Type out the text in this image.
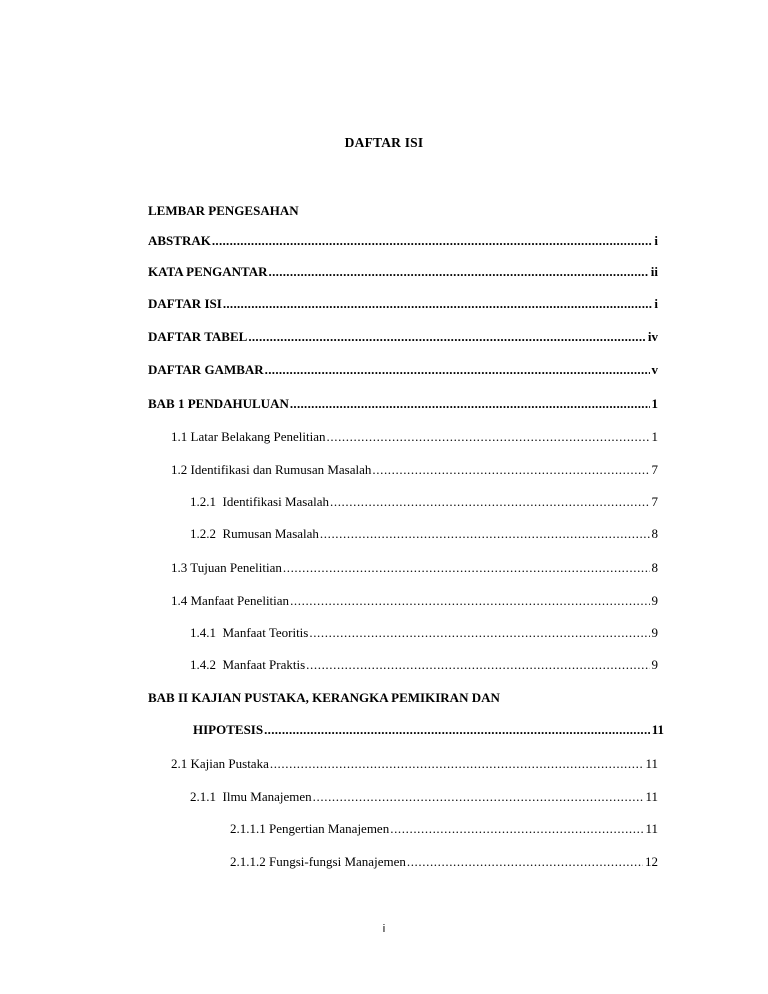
DAFTAR ISI
LEMBAR PENGESAHAN
ABSTRAK .....	i
KATA PENGANTAR .....	ii
DAFTAR ISI .....	i
DAFTAR TABEL .....	iv
DAFTAR GAMBAR .....	v
BAB 1 PENDAHULUAN .....	1
1.1 Latar Belakang Penelitian .....	1
1.2 Identifikasi dan Rumusan Masalah .....	7
1.2.1  Identifikasi Masalah .....	7
1.2.2  Rumusan Masalah .....	8
1.3 Tujuan Penelitian .....	8
1.4 Manfaat Penelitian .....	9
1.4.1  Manfaat Teoritis .....	9
1.4.2  Manfaat Praktis .....	9
BAB II KAJIAN PUSTAKA, KERANGKA PEMIKIRAN DAN
HIPOTESIS .....	11
2.1 Kajian Pustaka .....	11
2.1.1  Ilmu Manajemen .....	11
2.1.1.1 Pengertian Manajemen .....	11
2.1.1.2 Fungsi-fungsi Manajemen .....	12
i
